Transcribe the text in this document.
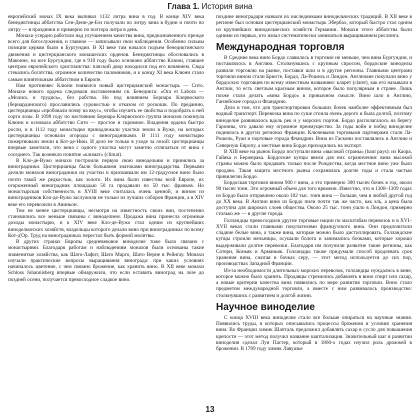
Глава 1. История вина

европейский монах IX века выпивал 1132 литра вина в год. В конце XIV века бенедиктинцы аббатства Сен-Дени-де-Бэз получали по литру вина в будни и почти по литру — в праздники и примерно по полтора литра в день.

Монахи усердно работали над улучшением качества вина, предназначенного прежде всего для богослужения, и главное — записывали свои наблюдения. Особенно сильны позиции церкви были в Бургундии. В XI веке там начался подъем бенедиктинского движения и цистерцианского монашеских орденов. Бенедиктинцы обосновались в Маконне, на юге Бургундии, где в 910 году было основано аббатство Клюни, ставшее центром европейского христианства: папский двор находился под его влиянием. Сюда стекались богатства, огромное количество паломников, и к концу XI века Клюни стало самым влиятельным аббатством в Европе.

Нам противовес Клюни появился новый цистерцианский монастырь — Сито. Монахи нового ордена следовали наставлениям св. Бенедикта: «Ora et Labora — «Молись и трудись», без рабства. Но под влиянием Бернара Клервоского (бернардинского) прославились суровостью и отказом от роскоши. По преданию, цистерцианцы «пробовали почву на вкус», чтобы изучить ее свойства и подобрать к ней сорта лозы. В 1098 году по настоянию Бернара Клервоского группа монахов покинула Клюни и основала аббатство Сито — простое и скромное. Владения ордена быстро росли, и в 1112 году монастырю принадлежали участки земли в Вужо, на которых цистерцианцы основали огороды с виноградниками. В 1111 году монастырю пожертвовали земли в Кот-де-Нюи. И дело не только в уходе за лозой: цистерцианцы впервые заметили, что вина с одного участка могут заметно отличаться от вина с соседнего. Так возникло понятие «климат» (climat).

В Кло-де-Вужо монахи построили первую свою винодельню и принялись за виноградники. Цистерцианцы были большими знатоками виноградарства. Первыми делили монахов виноградники на участки и присваивали им 12-градусное вино было почти такой же редкостью, как золото. Их вина были известны всей Европе, их огороженный виноградник площадью 50 га продавали по 50 тыс. франков. Но монастырская собственность в XVIII веке считалась очень ценной, и вином из виноградников Кло-де-Вужо заслужили не только из лучших соборов Франции, а в XIV веке его перевозили в Авиньон.

Тем не менее цистерцианцы, несмотря на известность своих вин, постепенно становились все меньше связаны с виноделием. Продажа вина принесла огромные доходы монастырю, и к XIV веке Кло-де-Вужо стал одним из крупнейших винодельческих хозяйств, владельцы которого делали вино при виноградниках по всему Кот-д'Ор. Труд на виноградниках перестал быть формой молитвы.

В других странах Европы средневековое виноделие тоже было связано с монастырями. Благодаря работам и наблюдениям монахов были основаны такие знаменитые хозяйства, как Шато-Лафит, Шато Марго, Шато Верне в Рейнгау. Монахи изучали практические вопросы выращивания винограда: при каких условиях начиналось цветение, с чем связано брожение, как хранить вино. В XII веке монахи Schloss Johannisberg впервые обнаружили, что если оставить виноград на лозе до поздней осени, получается превосходное сладкое вино.

поздние виноградари назвали их наследниками винодельческих традиций. В XII веке в регионе был основан цистерцианский монастырь Эбербах, который быстро стал одним из крупнейших винодельческих хозяйств Германии. Монахи этого аббатства были одними из первых, кто начал систематически заниматься выращиванием рислинга.

Международная торговля

В Средние века вино Бордо славилось в торговле не меньше, чем вина Бургундии, и поставлялось в Англию. Столкнувшись с крупным спросом, бордоские виноделы развили торговлю на рынке, поставки шли и в другие регионы. Главными центрами торговли вином стали Брюгге, Бордо, Ла-Рошель и Лондон. Англичане покупали вино у бордоских торговцев по всему известным названиям: кларет (claret), как его называли в Англии, то есть светлым красным вином, которое было популярным в стране. Лишь позже стали делать «вина Бордо» в привычном смысле. Вино шло в Англию, Ганзейские города и Фландрию.

Дело в том, что для транспортировки больших бочек наиболее эффективным был водный транспорт. Перевозка вина по суше стоила очень дорого и была долгой, поэтому виноделие развивалось вдоль рек и у морских портов. Бордо располагалось на берегу Гаронны, что давало ему огромное преимущество. За годы войн и побед виноделие поднялось в других регионах Франции. Ключевыми торговыми партнерами стали Ла-Рошель, Руан и портовые города Фландрии. Вина из Гаскони поставлялись в Англию и Северную Европу, а местные вина Бордо приходились на экспорт.

В XIII веке на рынок Бордо поступали вина «высокой страны» (haut pays): из Каора, Гайяка и Бержерака. Бордоские купцы ввели для них ограничения: вина высокой страны можно было продавать только после Рождества, когда местное вино уже было продано. Такая защита местного рынка сохранялась долгие годы и стала частью привилегии Бордо.

Бордоская торговля вином 900 г вина, а это примерно 300 тысяч бочек в год, около 90 тысяч тонн. Это огромный объем для того времени. Известно, что в 1308–1309 годах из Бордо было отправлено около 102 тыс. тонн вина — больше, чем в любой другой год до XX века. В Англии вино из Бордо пили почти так же часто, как эль, а цена была доступна для широких слоев общества. Около 25 тыс. тонн ушло в Лондон, примерно столько же — в другие города.

Голландцы превосходили другие торговые нации по масштабам перевозок и в XVI–XVII веках стали главными покупателями французского вина. Они предпочитали сладкие белые вина, а также вина, которые можно было дистиллировать. Голландские купцы строили мельницы, осушали болота и занимались бочками, которые хорошо выдерживали долгие перевозки. Благодаря им получили развитие такие регионы, как Сотерн, Коньяк и Арманьяк. Голландцы также придумали способ продлевать срок хранения вина, сжигая в бочках серу, — этот метод используется до сих пор, производствах Западной Франции.

Из-за необходимости длительных морских перевозок, голландцы нуждались в вине, которое можно было хранить. Продавцы стремились добавлять в вино спирт или сахар, а новые критерии качества вина появились по мере развития торговли. Вино стало предметом международной торговли, а вместе с ним развивалось производство: столкнувшись с развитием и долгой жизни.

Научное виноделие

С конца XVIII века виноделие стало все больше опираться на научные знания. Появились труды, в которых описывались процессы брожения и условия хранения вина. Во Франции химик Шапталь предложил добавлять сахар в сусло для повышения крепости — этот метод получил название шаптализация. Значительный шаг в развитии виноделия сделал Луи Пастер, который в 1860-х годах изучил роль дрожжей в брожении. В 1789 году химик Лавуазье

13
